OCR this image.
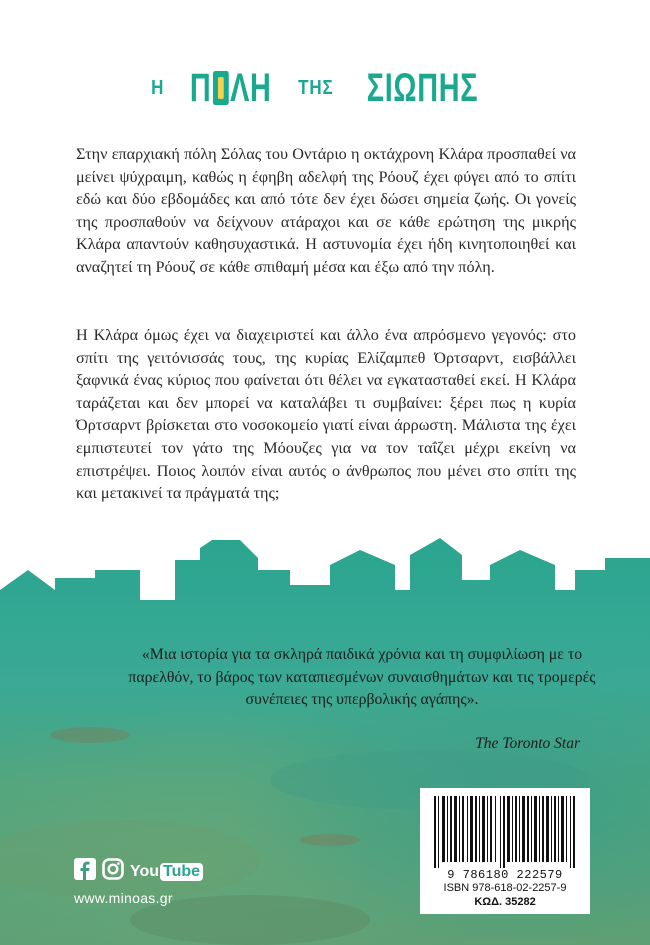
Η Π ΛΗ ΤΗΣ ΣΙΩΠΗΣ
Στην επαρχιακή πόλη Σόλας του Οντάριο η οκτάχρονη Κλάρα προσπαθεί να μείνει ψύχραιμη, καθώς η έφηβη αδελφή της Ρόουζ έχει φύγει από το σπίτι εδώ και δύο εβδομάδες και από τότε δεν έχει δώσει σημεία ζωής. Οι γονείς της προσπαθούν να δείχνουν ατάραχοι και σε κάθε ερώτηση της μικρής Κλάρα απαντούν καθησυχαστικά. Η αστυνομία έχει ήδη κινητοποιηθεί και αναζητεί τη Ρόουζ σε κάθε σπιθαμή μέσα και έξω από την πόλη.
Η Κλάρα όμως έχει να διαχειριστεί και άλλο ένα απρόσμενο γεγονός: στο σπίτι της γειτόνισσάς τους, της κυρίας Ελίζαμπεθ Όρτσαρντ, εισβάλλει ξαφνικά ένας κύριος που φαίνεται ότι θέλει να εγκατασταθεί εκεί. Η Κλάρα ταράζεται και δεν μπορεί να καταλάβει τι συμβαίνει: ξέρει πως η κυρία Όρτσαρντ βρίσκεται στο νοσοκομείο γιατί είναι άρρωστη. Μάλιστα της έχει εμπιστευτεί τον γάτο της Μόουζες για να τον ταΐζει μέχρι εκείνη να επιστρέψει. Ποιος λοιπόν είναι αυτός ο άνθρωπος που μένει στο σπίτι της και μετακινεί τα πράγματά της;
«Μια ιστορία για τα σκληρά παιδικά χρόνια και τη συμφιλίωση με το παρελθόν, το βάρος των καταπιεσμένων συναισθημάτων και τις τρομερές συνέπειες της υπερβολικής αγάπης».
The Toronto Star
9 786180 222579
ISBN 978-618-02-2257-9
ΚΩΔ. 35282
You Tube
www.minoas.gr
